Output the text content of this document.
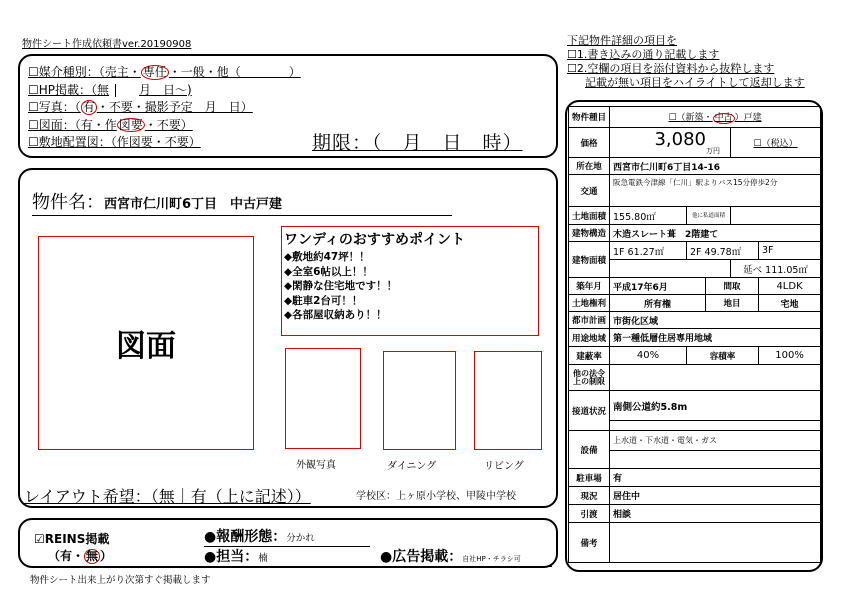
物件シート作成依頼書ver.20190908	下記物件詳細の項目を
☐1.書き込みの通り記載します
☐2.空欄の項目を添付資料から抜粋します
記載が無い項目をハイライトして返却します
☐媒介種別：（売主・ 専任 ・一般・他（　　　　）
☐HP掲載：（無	月　日～)
☐写真：（ 有 ・不要・撮影予定　月　日）
☐図面：（有・作 図要 ・不要）
☐敷地配置図：（作図要・不要）	期限：（　月　日　時）
物件名：西宮市仁川町6丁目　中古戸建
図面
ワンディのおすすめポイント
◆敷地約47坪！！
◆全室6帖以上！！
◆閑静な住宅地です！！
◆駐車2台可！！
◆各部屋収納あり！！
外観写真	ダイニング	リビング
レイアウト希望：（無｜有（上に記述））	学校区：上ヶ原小学校、甲陵中学校
☑REINS掲載
（有・ 無 ）
●報酬形態：分かれ
●担当：楠	●広告掲載：自社HP・チラシ可
物件シート出来上がり次第すぐ掲載します
物件種目	☐（新築・ 中古 ）戸建				
価格	$3,080_{万円}$			☐（税込）	
所在地	西宮市仁川町6丁目14-16				
交通	阪急電鉄今津線「仁川」駅よりバス15分停歩2分				
土地面積	155.80㎡	他に私道面積			
建物構造	木造スレート葺　2階建て				
建物面積	1F 61.27㎡	2F 49.78㎡			3F
				延べ 111.05㎡	
築年月	平成17年6月		間取		4LDK
土地権利	所有権		地目		宅地
都市計画	市街化区域				
用途地域	第一種低層住居専用地域				
建蔽率	40%	容積率			100%
他の法令上の制限					
接道状況	南側公道約5.8m				

設備	上水道・下水道・電気・ガス				

駐車場	有				
現況	居住中				
引渡	相談				
備考					
